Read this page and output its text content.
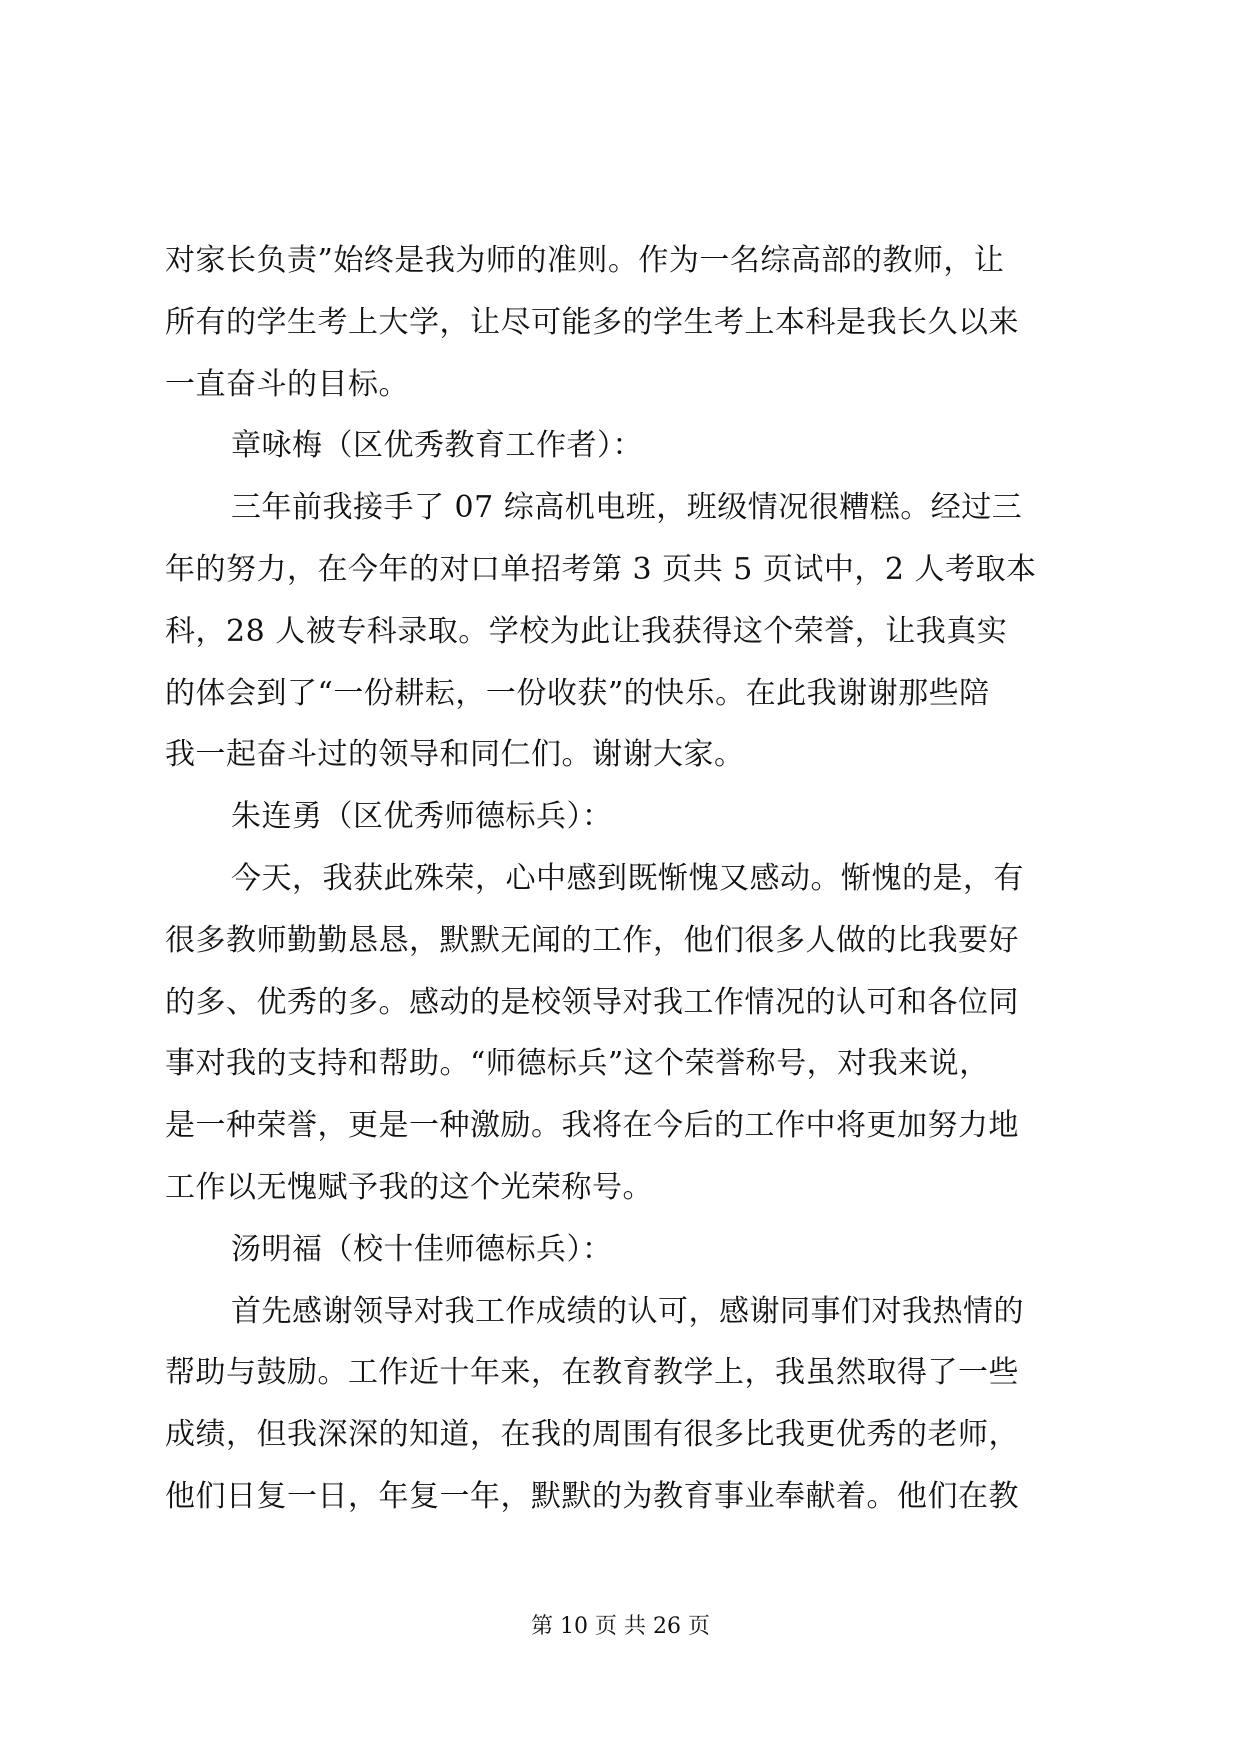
对家长负责”始终是我为师的准则。作为一名综高部的教师，让
所有的学生考上大学，让尽可能多的学生考上本科是我长久以来
一直奋斗的目标。
章咏梅（区优秀教育工作者）：
三年前我接手了 07 综高机电班，班级情况很糟糕。经过三
年的努力，在今年的对口单招考第 3 页共 5 页试中，2 人考取本
科，28 人被专科录取。学校为此让我获得这个荣誉，让我真实
的体会到了“一份耕耘，一份收获”的快乐。在此我谢谢那些陪
我一起奋斗过的领导和同仁们。谢谢大家。
朱连勇（区优秀师德标兵）：
今天，我获此殊荣，心中感到既惭愧又感动。惭愧的是，有
很多教师勤勤恳恳，默默无闻的工作，他们很多人做的比我要好
的多、优秀的多。感动的是校领导对我工作情况的认可和各位同
事对我的支持和帮助。“师德标兵”这个荣誉称号，对我来说，
是一种荣誉，更是一种激励。我将在今后的工作中将更加努力地
工作以无愧赋予我的这个光荣称号。
汤明福（校十佳师德标兵）：
首先感谢领导对我工作成绩的认可，感谢同事们对我热情的
帮助与鼓励。工作近十年来，在教育教学上，我虽然取得了一些
成绩，但我深深的知道，在我的周围有很多比我更优秀的老师，
他们日复一日，年复一年，默默的为教育事业奉献着。他们在教
第 10 页 共 26 页
